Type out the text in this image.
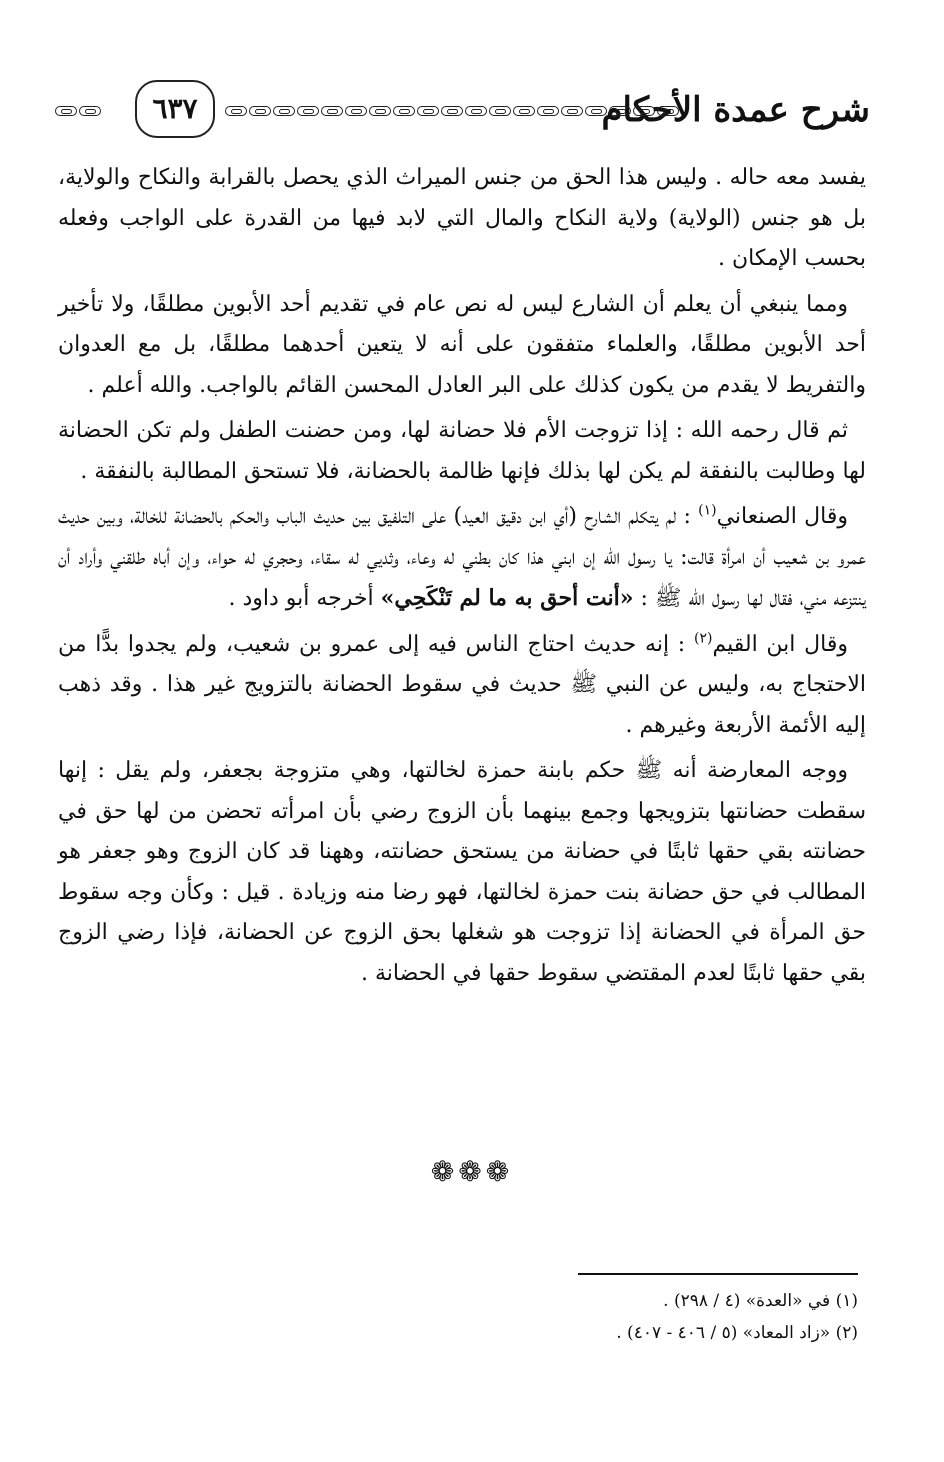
شرح عمدة الأحكام
٦٣٧

يفسد معه حاله . وليس هذا الحق من جنس الميراث الذي يحصل بالقرابة والنكاح والولاية، بل هو جنس (الولاية) ولاية النكاح والمال التي لابد فيها من القدرة على الواجب وفعله بحسب الإمكان .

ومما ينبغي أن يعلم أن الشارع ليس له نص عام في تقديم أحد الأبوين مطلقًا، ولا تأخير أحد الأبوين مطلقًا، والعلماء متفقون على أنه لا يتعين أحدهما مطلقًا، بل مع العدوان والتفريط لا يقدم من يكون كذلك على البر العادل المحسن القائم بالواجب. والله أعلم .

ثم قال رحمه الله : إذا تزوجت الأم فلا حضانة لها، ومن حضنت الطفل ولم تكن الحضانة لها وطالبت بالنفقة لم يكن لها بذلك فإنها ظالمة بالحضانة، فلا تستحق المطالبة بالنفقة .

وقال الصنعاني$^{(١)}$ : لم يتكلم الشارح (أي ابن دقيق العيد) على التلفيق بين حديث الباب والحكم بالحضانة للخالة، وبين حديث عمرو بن شعيب أن امرأة قالت: يا رسول الله إن ابني هذا كان بطني له وعاء، وثديي له سقاء، وحجري له حواء، وإن أباه طلقني وأراد أن ينتزعه مني، فقال لها رسول الله ﷺ : «أنت أحق به ما لم تَنْكَحِي» أخرجه أبو داود .

وقال ابن القيم$^{(٢)}$ : إنه حديث احتاج الناس فيه إلى عمرو بن شعيب، ولم يجدوا بدًّا من الاحتجاج به، وليس عن النبي ﷺ حديث في سقوط الحضانة بالتزويج غير هذا . وقد ذهب إليه الأئمة الأربعة وغيرهم .

ووجه المعارضة أنه ﷺ حكم بابنة حمزة لخالتها، وهي متزوجة بجعفر، ولم يقل : إنها سقطت حضانتها بتزويجها وجمع بينهما بأن الزوج رضي بأن امرأته تحضن من لها حق في حضانته بقي حقها ثابتًا في حضانة من يستحق حضانته، وههنا قد كان الزوج وهو جعفر هو المطالب في حق حضانة بنت حمزة لخالتها، فهو رضا منه وزيادة . قيل : وكأن وجه سقوط حق المرأة في الحضانة إذا تزوجت هو شغلها بحق الزوج عن الحضانة، فإذا رضي الزوج بقي حقها ثابتًا لعدم المقتضي سقوط حقها في الحضانة .

❁❁❁
(١) في «العدة» (٤ / ٢٩٨) .
(٢) «زاد المعاد» (٥ / ٤٠٦ - ٤٠٧) .
